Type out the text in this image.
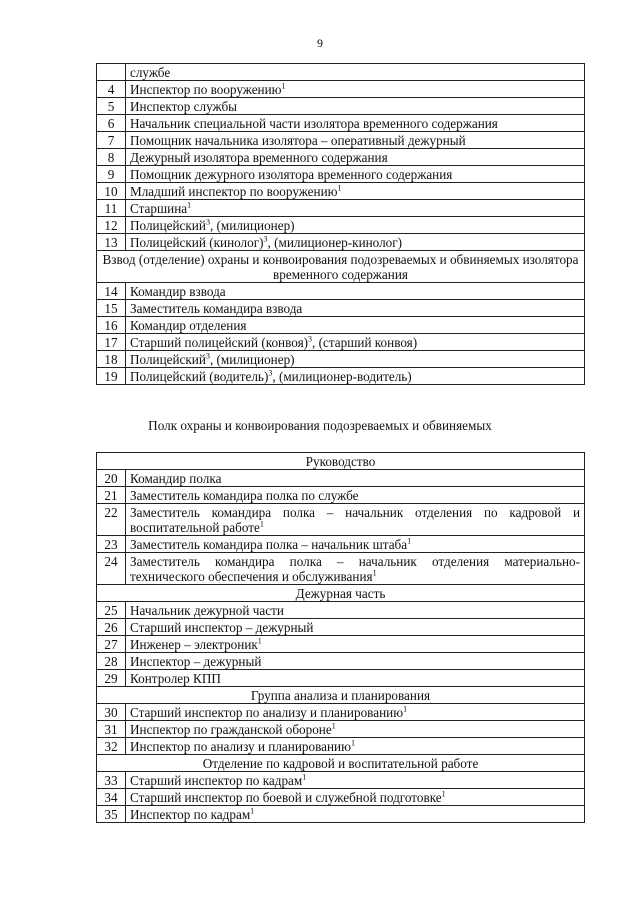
9
	службе
4	Инспектор по вооружению$^1$
5	Инспектор службы
6	Начальник специальной части изолятора временного содержания
7	Помощник начальника изолятора – оперативный дежурный
8	Дежурный изолятора временного содержания
9	Помощник дежурного изолятора временного содержания
10	Младший инспектор по вооружению$^1$
11	Старшина$^1$
12	Полицейский$^3$, (милиционер)
13	Полицейский (кинолог)$^3$, (милиционер-кинолог)
Взвод (отделение) охраны и конвоирования подозреваемых и обвиняемых изолятора временного содержания	
14	Командир взвода
15	Заместитель командира взвода
16	Командир отделения
17	Старший полицейский (конвоя)$^3$, (старший конвоя)
18	Полицейский$^3$, (милиционер)
19	Полицейский (водитель)$^3$, (милиционер-водитель)
Полк охраны и конвоирования подозреваемых и обвиняемых
Руководство	
20	Командир полка
21	Заместитель командира полка по службе
22	Заместитель командира полка – начальник отделения по кадровой и воспитательной работе$^1$
23	Заместитель командира полка – начальник штаба$^1$
24	Заместитель командира полка – начальник отделения материально-технического обеспечения и обслуживания$^1$
Дежурная часть	
25	Начальник дежурной части
26	Старший инспектор – дежурный
27	Инженер – электроник$^1$
28	Инспектор – дежурный
29	Контролер КПП
Группа анализа и планирования	
30	Старший инспектор по анализу и планированию$^1$
31	Инспектор по гражданской обороне$^1$
32	Инспектор по анализу и планированию$^1$
Отделение по кадровой и воспитательной работе	
33	Старший инспектор по кадрам$^1$
34	Старший инспектор по боевой и служебной подготовке$^1$
35	Инспектор по кадрам$^1$
